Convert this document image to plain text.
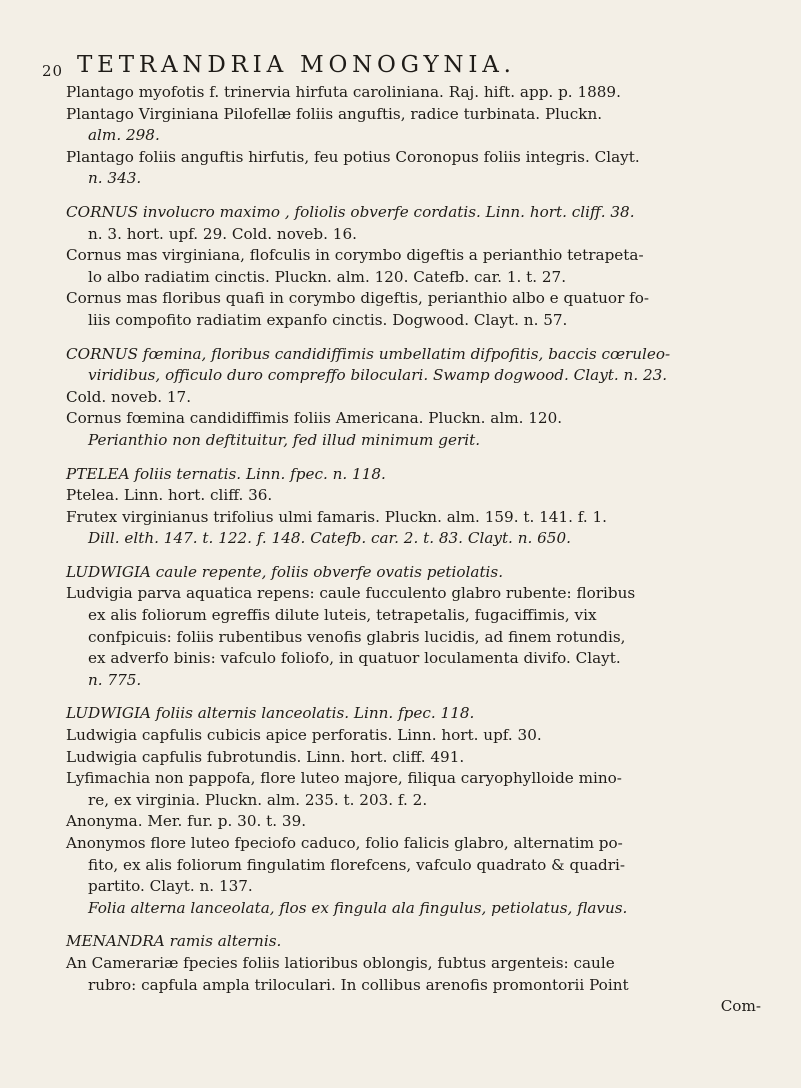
20 TETRANDRIA MONOGYNIA.
Plantago myofotis f. trinervia hirfuta caroliniana. Raj. hift. app. p. 1889.
Plantago Virginiana Pilofellæ foliis anguftis, radice turbinata. Pluckn.
alm. 298.
Plantago foliis anguftis hirfutis, feu potius Coronopus foliis integris. Clayt.
n. 343.
CORNUS involucro maximo , foliolis obverfe cordatis. Linn. hort. cliff. 38.
n. 3. hort. upf. 29. Cold. noveb. 16.
Cornus mas virginiana, flofculis in corymbo digeftis a perianthio tetrapeta-
lo albo radiatim cinctis. Pluckn. alm. 120. Catefb. car. 1. t. 27.
Cornus mas floribus quafi in corymbo digeftis, perianthio albo e quatuor fo-
liis compofito radiatim expanfo cinctis. Dogwood. Clayt. n. 57.
CORNUS fœmina, floribus candidiffimis umbellatim difpofitis, baccis cœruleo-
viridibus, officulo duro compreffo biloculari. Swamp dogwood. Clayt. n. 23.
Cold. noveb. 17.
Cornus fœmina candidiffimis foliis Americana. Pluckn. alm. 120.
Perianthio non deftituitur, fed illud minimum gerit.
PTELEA foliis ternatis. Linn. fpec. n. 118.
Ptelea. Linn. hort. cliff. 36.
Frutex virginianus trifolius ulmi famaris. Pluckn. alm. 159. t. 141. f. 1.
Dill. elth. 147. t. 122. f. 148. Catefb. car. 2. t. 83. Clayt. n. 650.
LUDWIGIA caule repente, foliis obverfe ovatis petiolatis.
Ludvigia parva aquatica repens: caule fucculento glabro rubente: floribus
ex alis foliorum egreffis dilute luteis, tetrapetalis, fugaciffimis, vix
confpicuis: foliis rubentibus venofis glabris lucidis, ad finem rotundis,
ex adverfo binis: vafculo foliofo, in quatuor loculamenta divifo. Clayt.
n. 775.
LUDWIGIA foliis alternis lanceolatis. Linn. fpec. 118.
Ludwigia capfulis cubicis apice perforatis. Linn. hort. upf. 30.
Ludwigia capfulis fubrotundis. Linn. hort. cliff. 491.
Lyfimachia non pappofa, flore luteo majore, filiqua caryophylloide mino-
re, ex virginia. Pluckn. alm. 235. t. 203. f. 2.
Anonyma. Mer. fur. p. 30. t. 39.
Anonymos flore luteo fpeciofo caduco, folio falicis glabro, alternatim po-
fito, ex alis foliorum fingulatim florefcens, vafculo quadrato & quadri-
partito. Clayt. n. 137.
Folia alterna lanceolata, flos ex fingula ala fingulus, petiolatus, flavus.
MENANDRA ramis alternis.
An Camerariæ fpecies foliis latioribus oblongis, fubtus argenteis: caule
rubro: capfula ampla triloculari. In collibus arenofis promontorii Point
Com-
